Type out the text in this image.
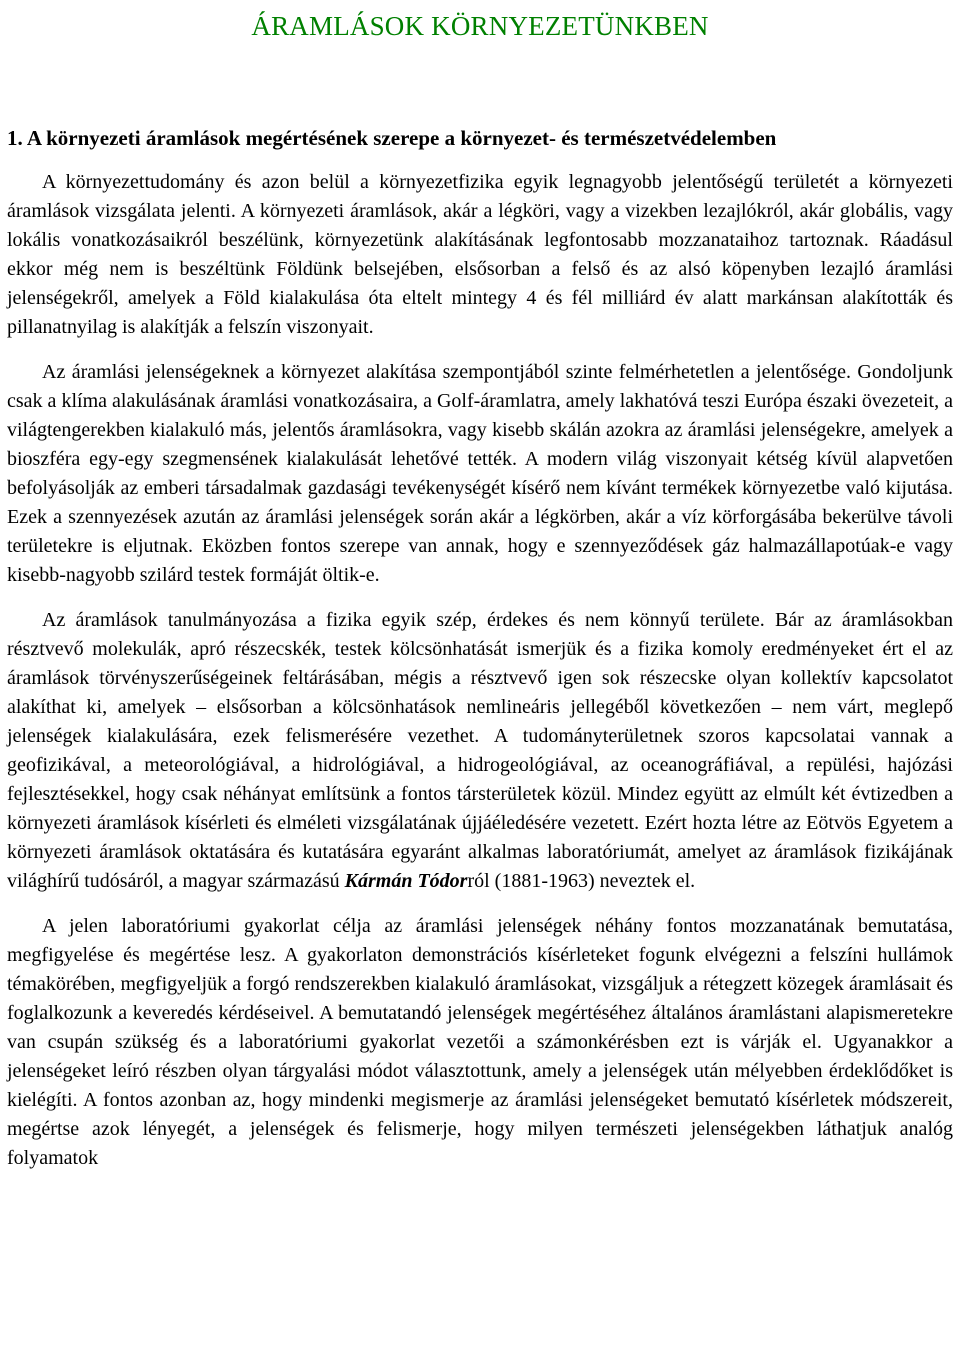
ÁRAMLÁSOK KÖRNYEZETÜNKBEN
1. A környezeti áramlások megértésének szerepe a környezet- és természetvédelemben

A környezettudomány és azon belül a környezetfizika egyik legnagyobb jelentőségű területét a környezeti áramlások vizsgálata jelenti. A környezeti áramlások, akár a légköri, vagy a vizekben lezajlókról, akár globális, vagy lokális vonatkozásaikról beszélünk, környezetünk alakításának legfontosabb mozzanataihoz tartoznak. Ráadásul ekkor még nem is beszéltünk Földünk belsejében, elsősorban a felső és az alsó köpenyben lezajló áramlási jelenségekről, amelyek a Föld kialakulása óta eltelt mintegy 4 és fél milliárd év alatt markánsan alakították és pillanatnyilag is alakítják a felszín viszonyait.

Az áramlási jelenségeknek a környezet alakítása szempontjából szinte felmérhetetlen a jelentősége. Gondoljunk csak a klíma alakulásának áramlási vonatkozásaira, a Golf-áramlatra, amely lakhatóvá teszi Európa északi övezeteit, a világtengerekben kialakuló más, jelentős áramlásokra, vagy kisebb skálán azokra az áramlási jelenségekre, amelyek a bioszféra egy-egy szegmensének kialakulását lehetővé tették. A modern világ viszonyait kétség kívül alapvetően befolyásolják az emberi társadalmak gazdasági tevékenységét kísérő nem kívánt termékek környezetbe való kijutása. Ezek a szennyezések azután az áramlási jelenségek során akár a légkörben, akár a víz körforgásába bekerülve távoli területekre is eljutnak. Eközben fontos szerepe van annak, hogy e szennyeződések gáz halmazállapotúak-e vagy kisebb-nagyobb szilárd testek formáját öltik-e.

Az áramlások tanulmányozása a fizika egyik szép, érdekes és nem könnyű területe. Bár az áramlásokban résztvevő molekulák, apró részecskék, testek kölcsönhatását ismerjük és a fizika komoly eredményeket ért el az áramlások törvényszerűségeinek feltárásában, mégis a résztvevő igen sok részecske olyan kollektív kapcsolatot alakíthat ki, amelyek – elsősorban a kölcsönhatások nemlineáris jellegéből következően – nem várt, meglepő jelenségek kialakulására, ezek felismerésére vezethet. A tudományterületnek szoros kapcsolatai vannak a geofizikával, a meteorológiával, a hidrológiával, a hidrogeológiával, az oceanográfiával, a repülési, hajózási fejlesztésekkel, hogy csak néhányat említsünk a fontos társterületek közül. Mindez együtt az elmúlt két évtizedben a környezeti áramlások kísérleti és elméleti vizsgálatának újjáéledésére vezetett. Ezért hozta létre az Eötvös Egyetem a környezeti áramlások oktatására és kutatására egyaránt alkalmas laboratóriumát, amelyet az áramlások fizikájának világhírű tudósáról, a magyar származású Kármán Tódorról (1881-1963) neveztek el.

A jelen laboratóriumi gyakorlat célja az áramlási jelenségek néhány fontos mozzanatának bemutatása, megfigyelése és megértése lesz. A gyakorlaton demonstrációs kísérleteket fogunk elvégezni a felszíni hullámok témakörében, megfigyeljük a forgó rendszerekben kialakuló áramlásokat, vizsgáljuk a rétegzett közegek áramlásait és foglalkozunk a keveredés kérdéseivel. A bemutatandó jelenségek megértéséhez általános áramlástani alapismeretekre van csupán szükség és a laboratóriumi gyakorlat vezetői a számonkérésben ezt is várják el. Ugyanakkor a jelenségeket leíró részben olyan tárgyalási módot választottunk, amely a jelenségek után mélyebben érdeklődőket is kielégíti. A fontos azonban az, hogy mindenki megismerje az áramlási jelenségeket bemutató kísérletek módszereit, megértse azok lényegét, a jelenségek és felismerje, hogy milyen természeti jelenségekben láthatjuk analóg folyamatok
